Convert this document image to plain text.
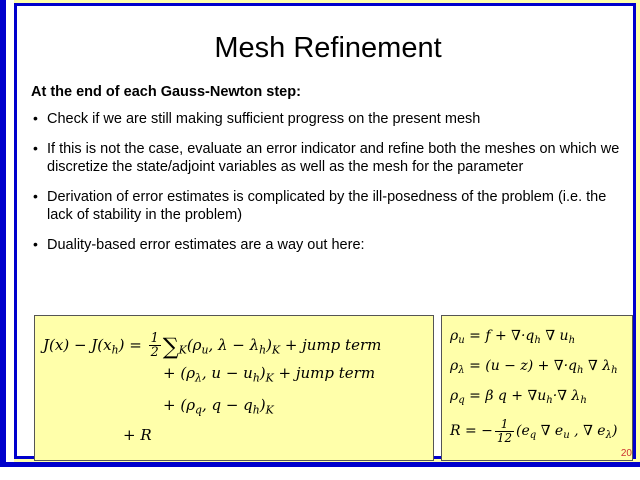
Mesh Refinement
At the end of each Gauss-Newton step:
• Check if we are still making sufficient progress on the present mesh
• If this is not the case, evaluate an error indicator and refine both the meshes on which we discretize the state/adjoint variables as well as the mesh for the parameter
• Derivation of error estimates is complicated by the ill-posedness of the problem (i.e. the lack of stability in the problem)
• Duality-based error estimates are a way out here:
$J(x) - J(x_h) = \frac{1}{2} \sum_K(\rho_u$, $\lambda - \lambda_h)_K$ + jump term
+ ($\rho_\lambda$, $u - u_h)_K$ + jump term
+ ($\rho_q$, $q - q_h)_K$
+ R
$\rho_u = f + \nabla\cdot q_h$ ∇ $u_h$
$\rho_\lambda = (u - z) + \nabla\cdot q_h$ ∇ $\lambda_h$
$\rho_q = \beta$ $q + \nabla u_h\cdot\nabla$ $\lambda_h$
R = − $\frac{1}{12} (e_q$ ∇ $e_u$ , ∇ $e_\lambda$)
20
